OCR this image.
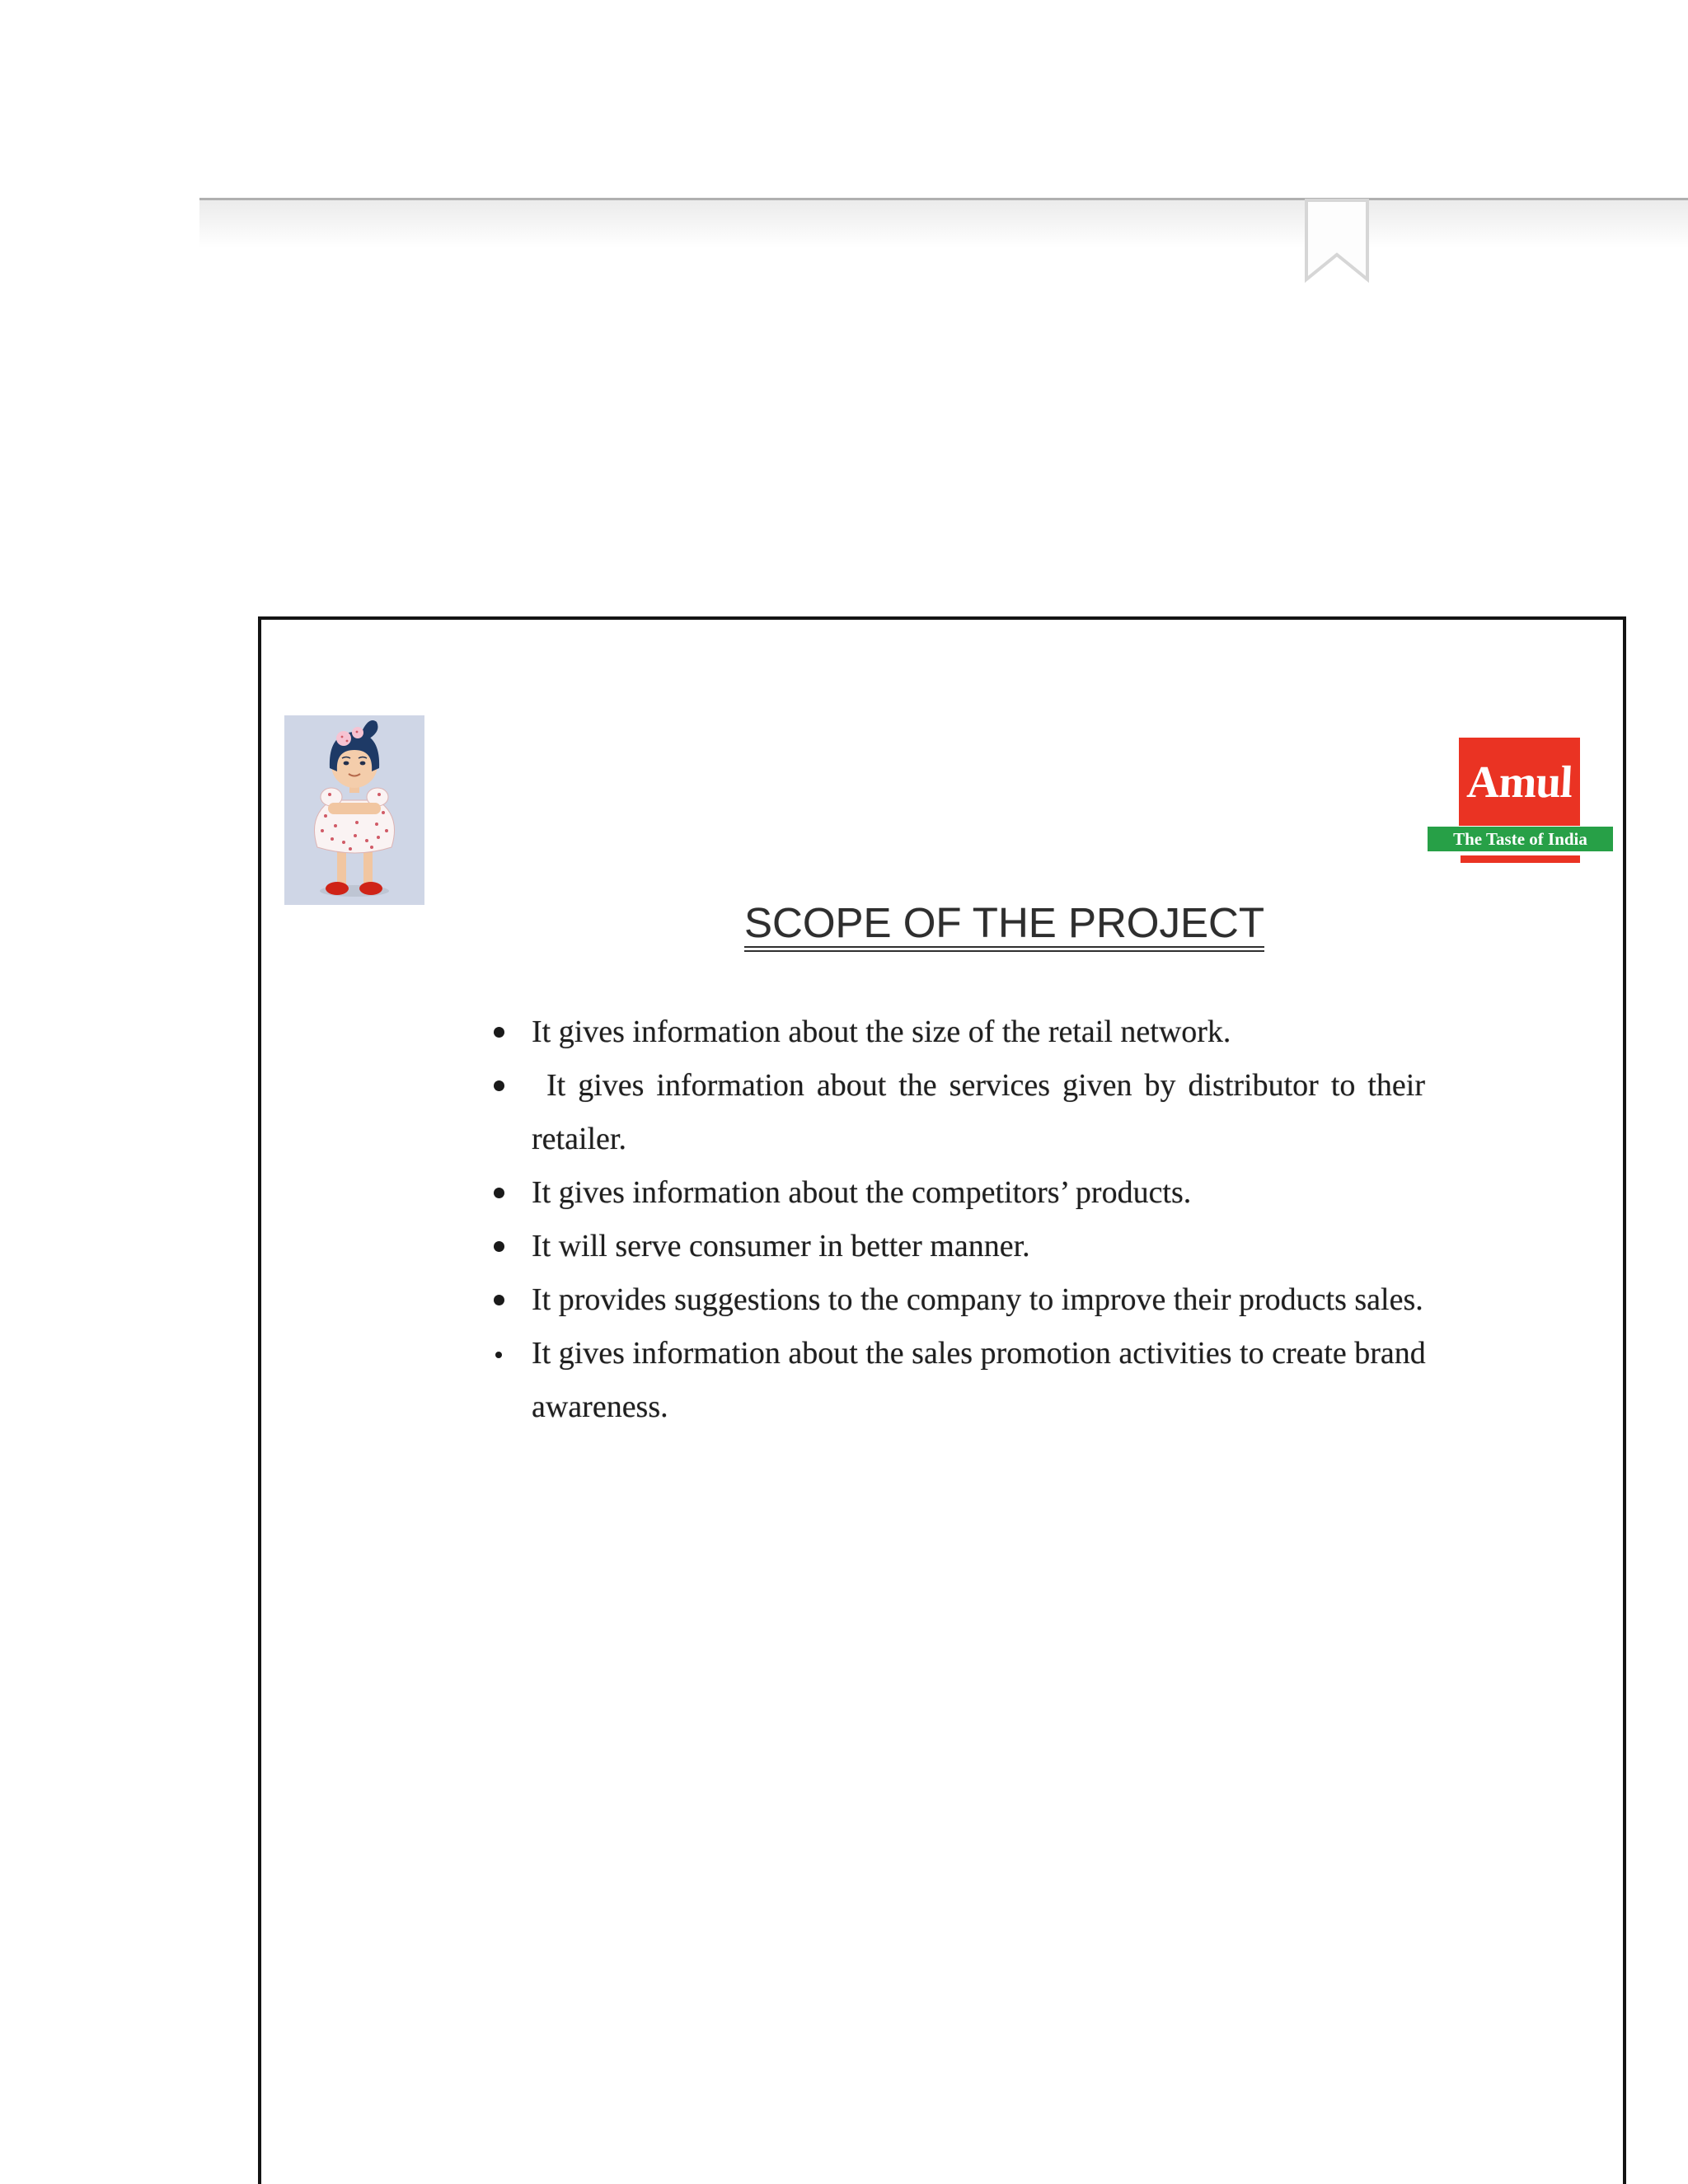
Amul
The Taste of India
SCOPE OF THE PROJECT
It gives information about the size of the retail network.
It gives information about the services given by distributor to their
retailer.
It gives information about the competitors’ products.
It will serve consumer in better manner.
It provides suggestions to the company to improve their products sales.
It gives information about the sales promotion activities to create brand
awareness.
